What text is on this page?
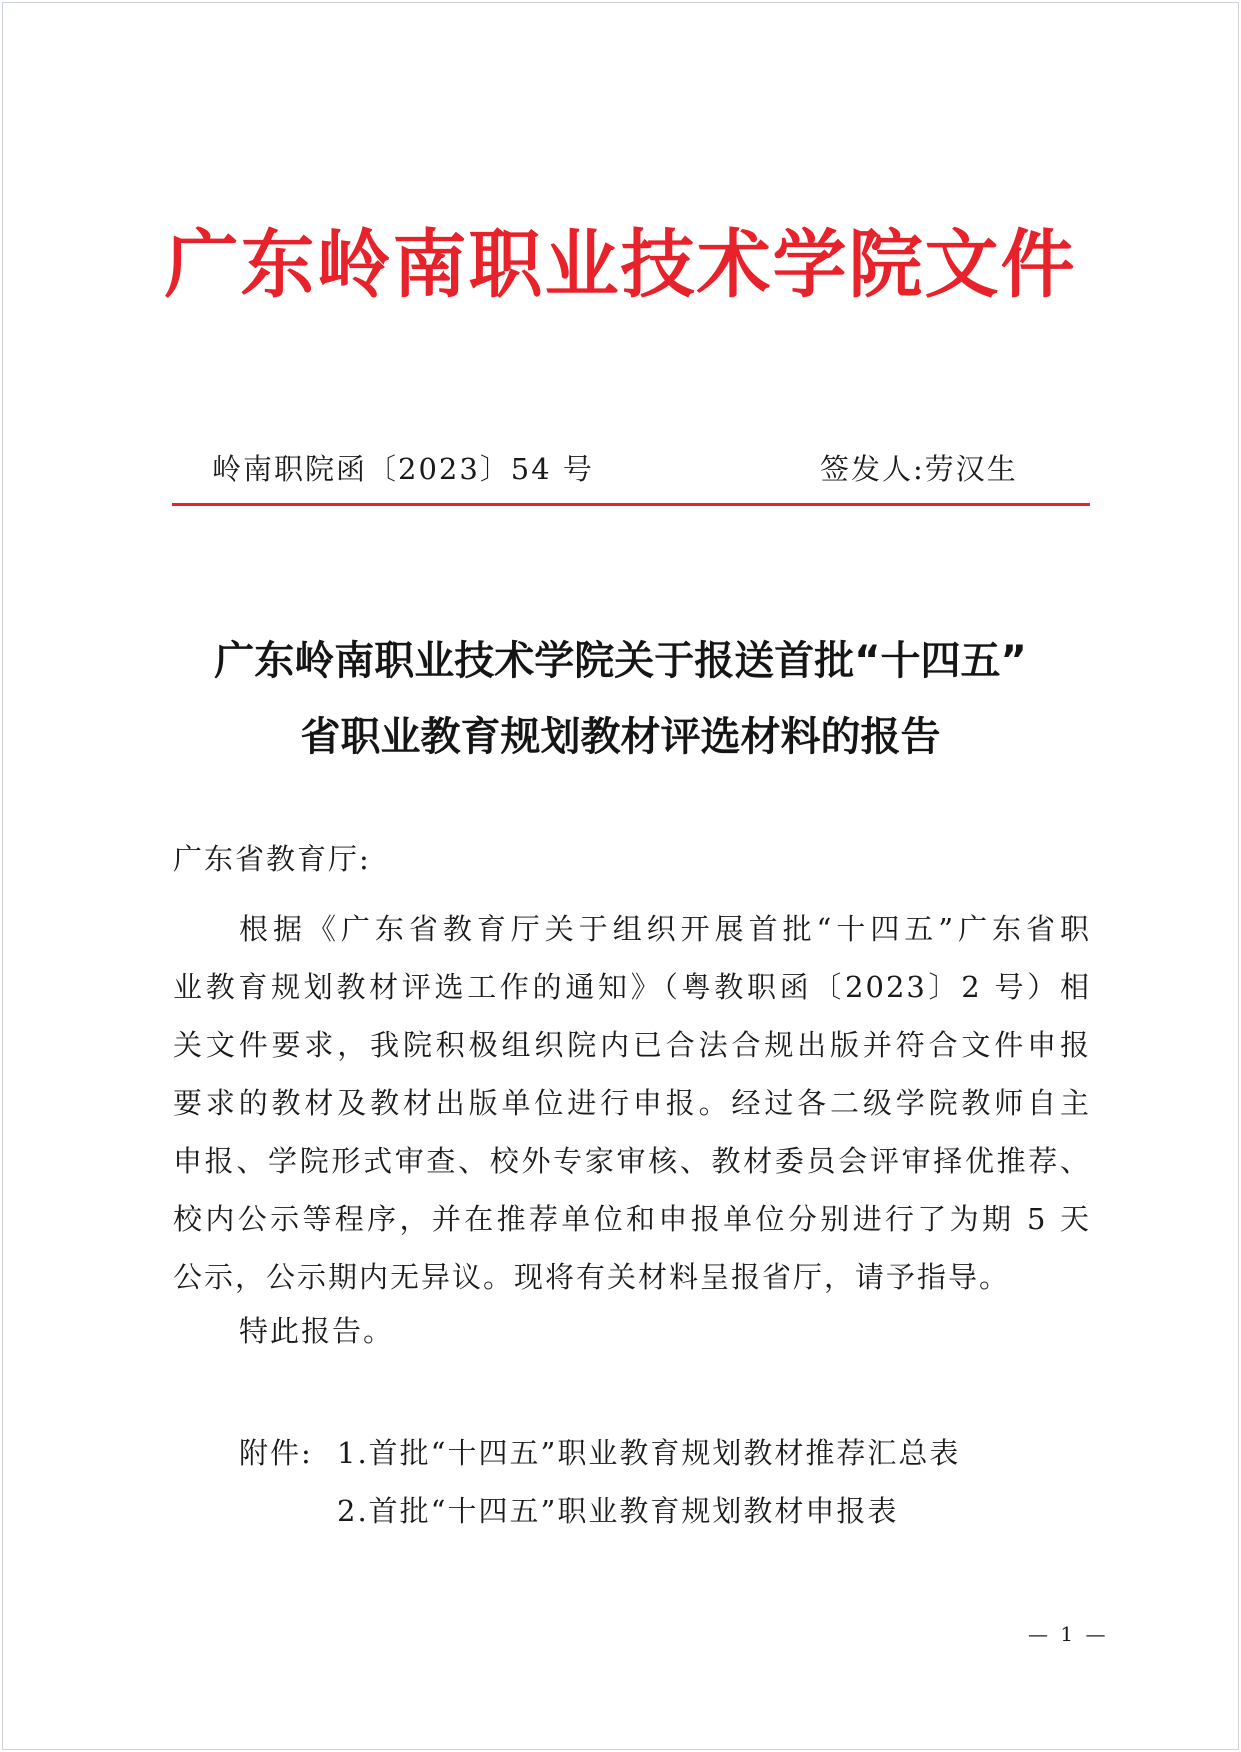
广东岭南职业技术学院文件
岭南职院函〔2023〕54 号	签发人:劳汉生
广东岭南职业技术学院关于报送首批“十四五”
省职业教育规划教材评选材料的报告
广东省教育厅:
根据《广东省教育厅关于组织开展首批“十四五”广东省职
业教育规划教材评选工作的通知》（粤教职函〔2023〕2 号）相
关文件要求，我院积极组织院内已合法合规出版并符合文件申报
要求的教材及教材出版单位进行申报。经过各二级学院教师自主
申报、学院形式审查、校外专家审核、教材委员会评审择优推荐、
校内公示等程序，并在推荐单位和申报单位分别进行了为期 5 天
公示，公示期内无异议。现将有关材料呈报省厅，请予指导。
特此报告。
附件: 1.首批“十四五”职业教育规划教材推荐汇总表
2.首批“十四五”职业教育规划教材申报表
— 1 —
